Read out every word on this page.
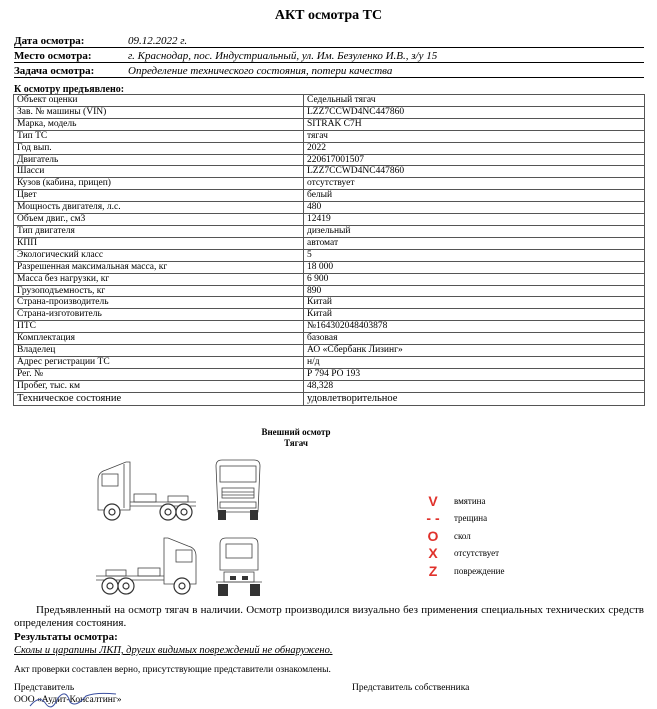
АКТ осмотра ТС
Дата осмотра:	09.12.2022 г.
Место осмотра:	г. Краснодар, пос. Индустриальный, ул. Им. Безуленко И.В., з/у 15
Задача осмотра:	Определение технического состояния, потери качества
К осмотру предъявлено:
Объект оценки	Седельный тягач
Зав. № машины (VIN)	LZZ7CCWD4NC447860
Марка, модель	SITRAK C7H
Тип ТС	тягач
Год вып.	2022
Двигатель	220617001507
Шасси	LZZ7CCWD4NC447860
Кузов (кабина, прицеп)	отсутствует
Цвет	белый
Мощность двигателя, л.с.	480
Объем двиг., см3	12419
Тип двигателя	дизельный
КПП	автомат
Экологический класс	5
Разрешенная максимальная масса, кг	18 000
Масса без нагрузки, кг	6 900
Грузоподъемность, кг	890
Страна-производитель	Китай
Страна-изготовитель	Китай
ПТС	№164302048403878
Комплектация	базовая
Владелец	АО «Сбербанк Лизинг»
Адрес регистрации ТС	н/д
Рег. №	Р 794 РО 193
Пробег, тыс. км	48,328
Техническое состояние	удовлетворительное
Внешний осмотр
Тягач
V	вмятина
- -	трещина
O	скол
X	отсутствует
Z	повреждение
Предъявленный на осмотр тягач в наличии. Осмотр производился визуально без применения специальных технических средств определения состояния.
Результаты осмотра:
Сколы и царапины ЛКП, других видимых повреждений не обнаружено.
Акт проверки составлен верно, присутствующие представители ознакомлены.
Представитель
ООО «Аудит-Консалтинг»
Представитель собственника
